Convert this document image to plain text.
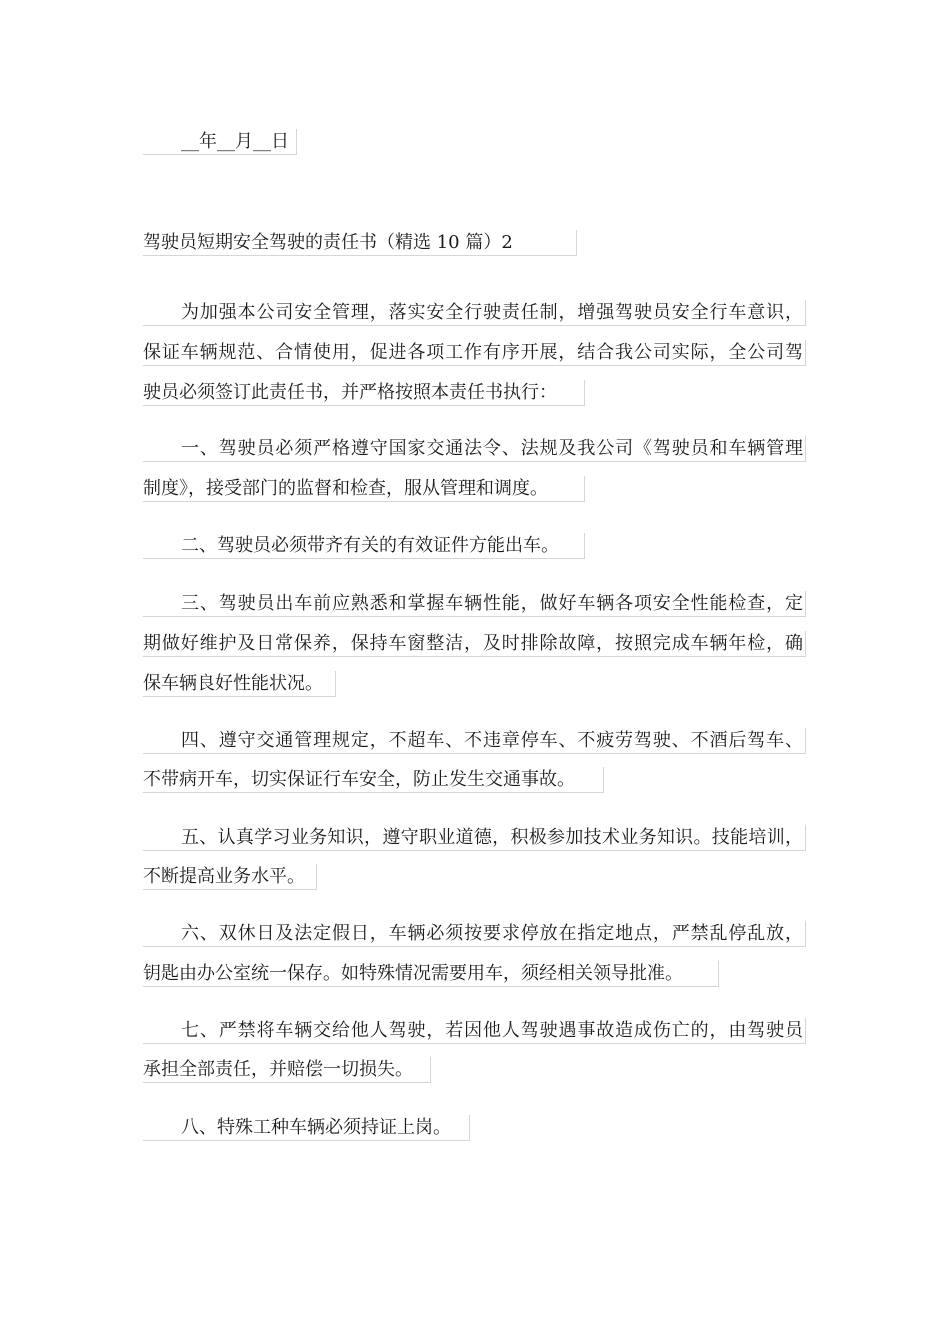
__年__月__日
驾驶员短期安全驾驶的责任书（精选 10 篇）2
为加强本公司安全管理，落实安全行驶责任制，增强驾驶员安全行车意识，
保证车辆规范、合情使用，促进各项工作有序开展，结合我公司实际，全公司驾
驶员必须签订此责任书，并严格按照本责任书执行：
一、驾驶员必须严格遵守国家交通法令、法规及我公司《驾驶员和车辆管理
制度》，接受部门的监督和检查，服从管理和调度。
二、驾驶员必须带齐有关的有效证件方能出车。
三、驾驶员出车前应熟悉和掌握车辆性能，做好车辆各项安全性能检查，定
期做好维护及日常保养，保持车窗整洁，及时排除故障，按照完成车辆年检，确
保车辆良好性能状况。
四、遵守交通管理规定，不超车、不违章停车、不疲劳驾驶、不酒后驾车、
不带病开车，切实保证行车安全，防止发生交通事故。
五、认真学习业务知识，遵守职业道德，积极参加技术业务知识。技能培训，
不断提高业务水平。
六、双休日及法定假日，车辆必须按要求停放在指定地点，严禁乱停乱放，
钥匙由办公室统一保存。如特殊情况需要用车，须经相关领导批准。
七、严禁将车辆交给他人驾驶，若因他人驾驶遇事故造成伤亡的，由驾驶员
承担全部责任，并赔偿一切损失。
八、特殊工种车辆必须持证上岗。
